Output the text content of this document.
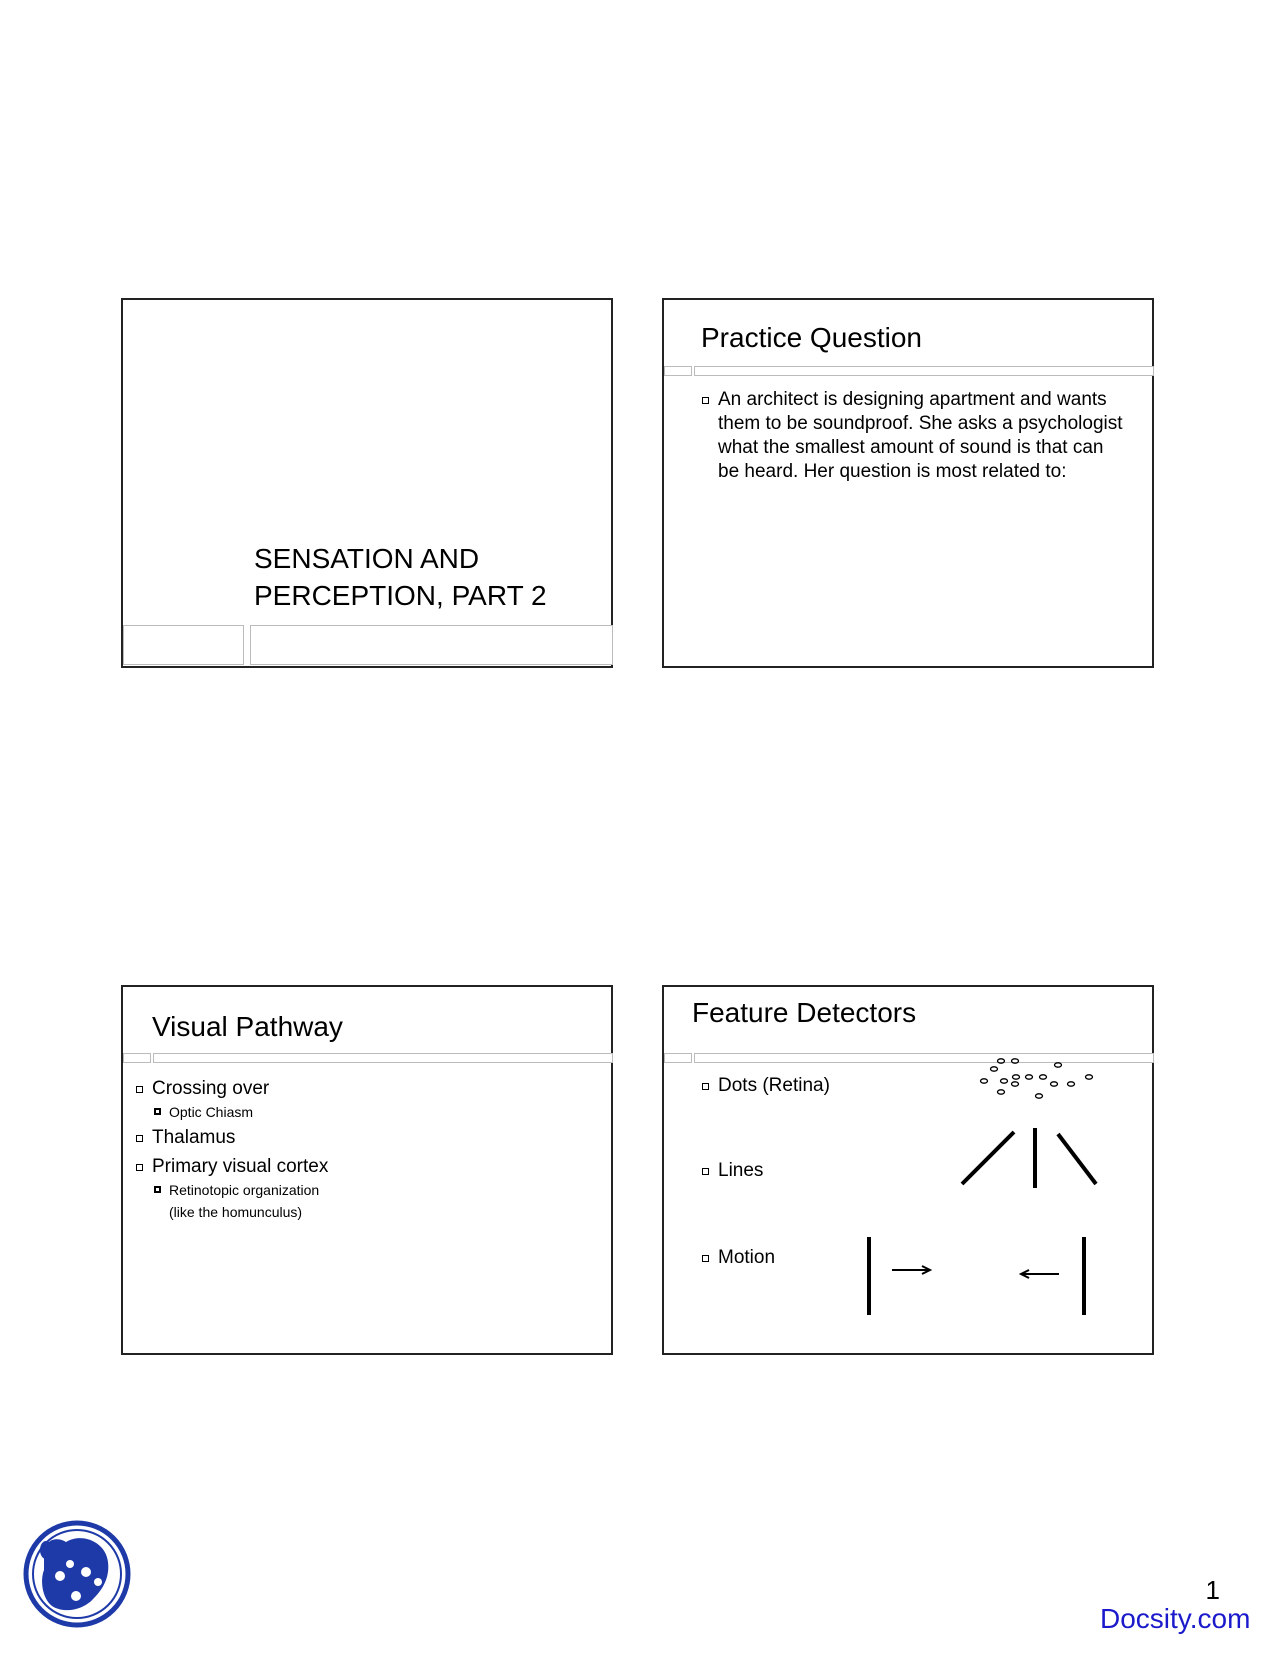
SENSATION AND
PERCEPTION, PART 2
Practice Question
An architect is designing apartment and wants them to be soundproof. She asks a psychologist what the smallest amount of sound is that can be heard. Her question is most related to:
Visual Pathway
Crossing over
Optic Chiasm
Thalamus
Primary visual cortex
Retinotopic organization
(like the homunculus)
Feature Detectors
Dots (Retina)
Lines
Motion
1
Docsity.com
